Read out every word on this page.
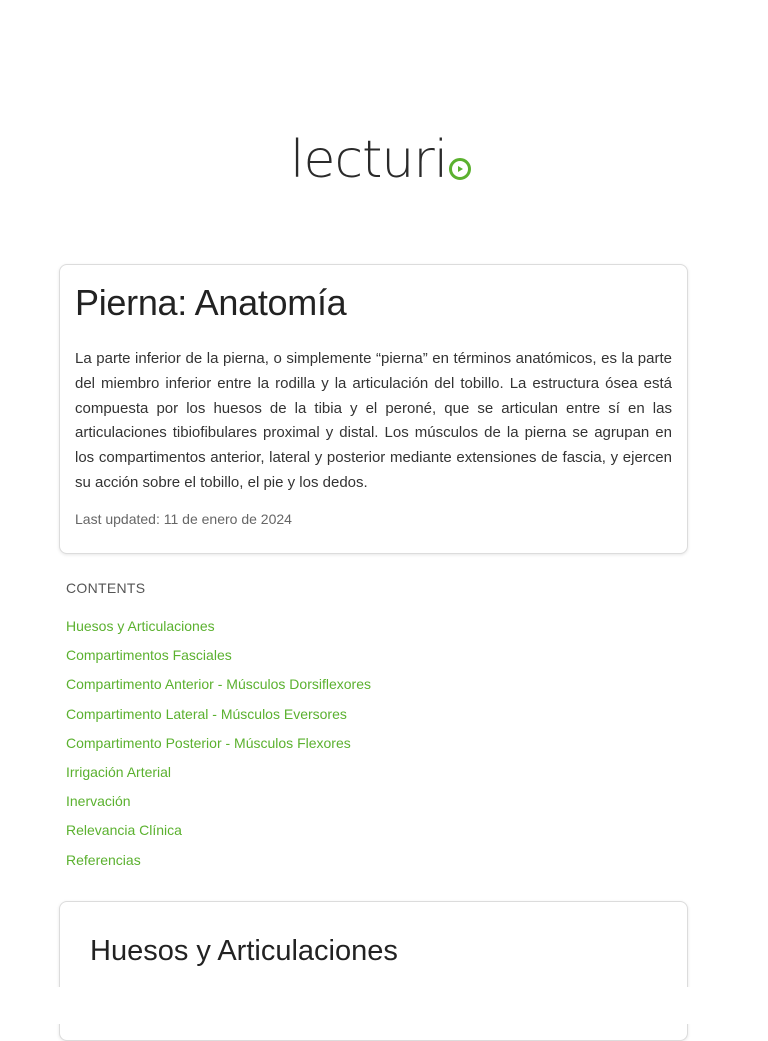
lecturi
Pierna: Anatomía

La parte inferior de la pierna, o simplemente “pierna” en términos anatómicos, es la parte del miembro inferior entre la rodilla y la articulación del tobillo. La estructura ósea está compuesta por los huesos de la tibia y el peroné, que se articulan entre sí en las articulaciones tibiofibulares proximal y distal. Los músculos de la pierna se agrupan en los compartimentos anterior, lateral y posterior mediante extensiones de fascia, y ejercen su acción sobre el tobillo, el pie y los dedos.

Last updated: 11 de enero de 2024
CONTENTS
Huesos y Articulaciones
Compartimentos Fasciales
Compartimento Anterior - Músculos Dorsiflexores
Compartimento Lateral - Músculos Eversores
Compartimento Posterior - Músculos Flexores
Irrigación Arterial
Inervación
Relevancia Clínica
Referencias
Huesos y Articulaciones
